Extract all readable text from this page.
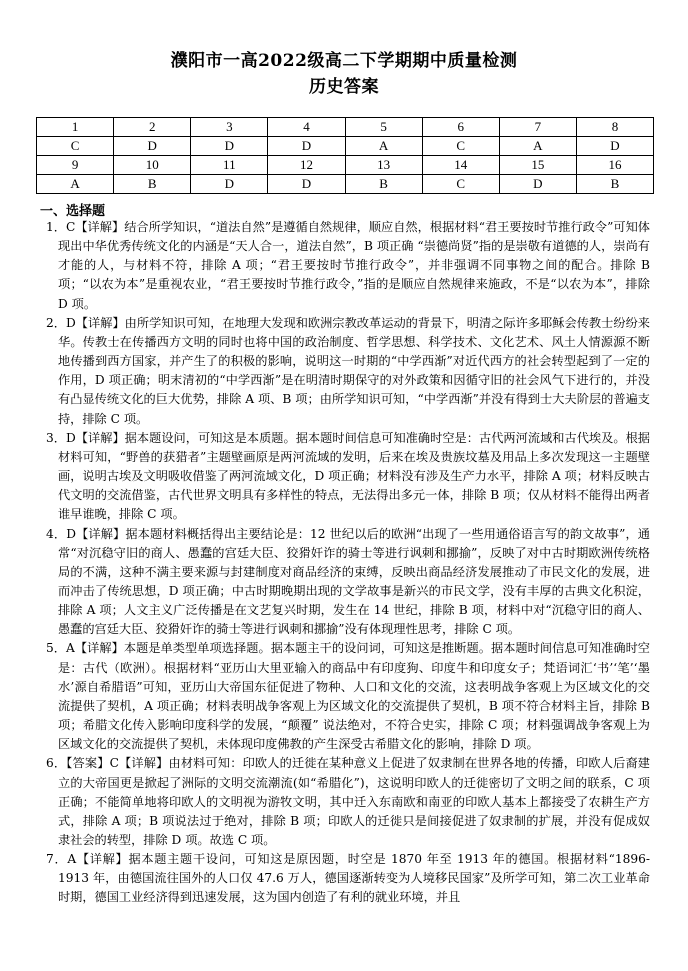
濮阳市一高2022级高二下学期期中质量检测
历史答案
1	2	3	4	5	6	7	8
C	D	D	D	A	C	A	D
9	10	11	12	13	14	15	16
A	B	D	D	B	C	D	B
一、选择题

1．C【详解】结合所学知识，“道法自然”是遵循自然规律，顺应自然，根据材料“君王要按时节推行政令”可知体现出中华优秀传统文化的内涵是“天人合一，道法自然”，B 项正确 “崇德尚贤”指的是崇敬有道德的人，崇尚有才能的人，与材料不符，排除 A 项；“君王要按时节推行政令”，并非强调不同事物之间的配合。排除 B 项；“以农为本”是重视农业，“君王要按时节推行政令，”指的是顺应自然规律来施政，不是“以农为本”，排除 D 项。

2．D【详解】由所学知识可知，在地理大发现和欧洲宗教改革运动的背景下，明清之际许多耶稣会传教士纷纷来华。传教士在传播西方文明的同时也将中国的政治制度、哲学思想、科学技术、文化艺术、风土人情源源不断地传播到西方国家，并产生了的积极的影响，说明这一时期的“中学西渐”对近代西方的社会转型起到了一定的作用，D 项正确；明末清初的“中学西渐”是在明清时期保守的对外政策和因循守旧的社会风气下进行的，并没有凸显传统文化的巨大优势，排除 A 项、B 项；由所学知识可知，“中学西渐”并没有得到士大夫阶层的普遍支持，排除 C 项。

3．D【详解】据本题设问，可知这是本质题。据本题时间信息可知准确时空是：古代两河流域和古代埃及。根据材料可知，“野兽的获猎者”主题壁画原是两河流域的发明，后来在埃及贵族坟墓及用品上多次发现这一主题壁画，说明古埃及文明吸收借鉴了两河流域文化，D 项正确；材料没有涉及生产力水平，排除 A 项；材料反映古代文明的交流借鉴，古代世界文明具有多样性的特点，无法得出多元一体，排除 B 项；仅从材料不能得出两者谁早谁晚，排除 C 项。

4．D【详解】据本题材料概括得出主要结论是：12 世纪以后的欧洲“出现了一些用通俗语言写的韵文故事”，通常“对沉稳守旧的商人、愚蠢的宫廷大臣、狡猾奸诈的骑士等进行讽刺和挪揄”，反映了对中古时期欧洲传统格局的不满，这种不满主要来源与封建制度对商品经济的束缚，反映出商品经济发展推动了市民文化的发展，进而冲击了传统思想，D 项正确；中古时期晚期出现的文学故事是新兴的市民文学，没有丰厚的古典文化积淀，排除 A 项；人文主义广泛传播是在文艺复兴时期，发生在 14 世纪，排除 B 项，材料中对“沉稳守旧的商人、愚蠢的宫廷大臣、狡猾奸诈的骑士等进行讽刺和挪揄”没有体现理性思考，排除 C 项。

5．A【详解】本题是单类型单项选择题。据本题主干的设问词，可知这是推断题。据本题时间信息可知准确时空是：古代（欧洲）。根据材料“亚历山大里亚输入的商品中有印度狗、印度牛和印度女子；梵语词汇‘书’‘笔’‘墨水’源自希腊语”可知，亚历山大帝国东征促进了物种、人口和文化的交流，这表明战争客观上为区域文化的交流提供了契机，A 项正确；材料表明战争客观上为区域文化的交流提供了契机，B 项不符合材料主旨，排除 B 项；希腊文化传入影响印度科学的发展，“颠覆” 说法绝对，不符合史实，排除 C 项；材料强调战争客观上为区域文化的交流提供了契机，未体现印度佛教的产生深受古希腊文化的影响，排除 D 项。

6．【答案】C【详解】由材料可知：印欧人的迁徙在某种意义上促进了奴隶制在世界各地的传播，印欧人后裔建立的大帝国更是掀起了洲际的文明交流潮流(如“希腊化”)，这说明印欧人的迁徙密切了文明之间的联系，C 项正确；不能简单地将印欧人的文明视为游牧文明，其中迁入东南欧和南亚的印欧人基本上都接受了农耕生产方式，排除 A 项；B 项说法过于绝对，排除 B 项；印欧人的迁徙只是间接促进了奴隶制的扩展，并没有促成奴隶社会的转型，排除 D 项。故选 C 项。

7．A【详解】据本题主题干设问，可知这是原因题，时空是 1870 年至 1913 年的德国。根据材料“1896-1913 年，由德国流往国外的人口仅 47.6 万人，德国逐渐转变为人境移民国家”及所学可知，第二次工业革命时期，德国工业经济得到迅速发展，这为国内创造了有利的就业环境，并且
